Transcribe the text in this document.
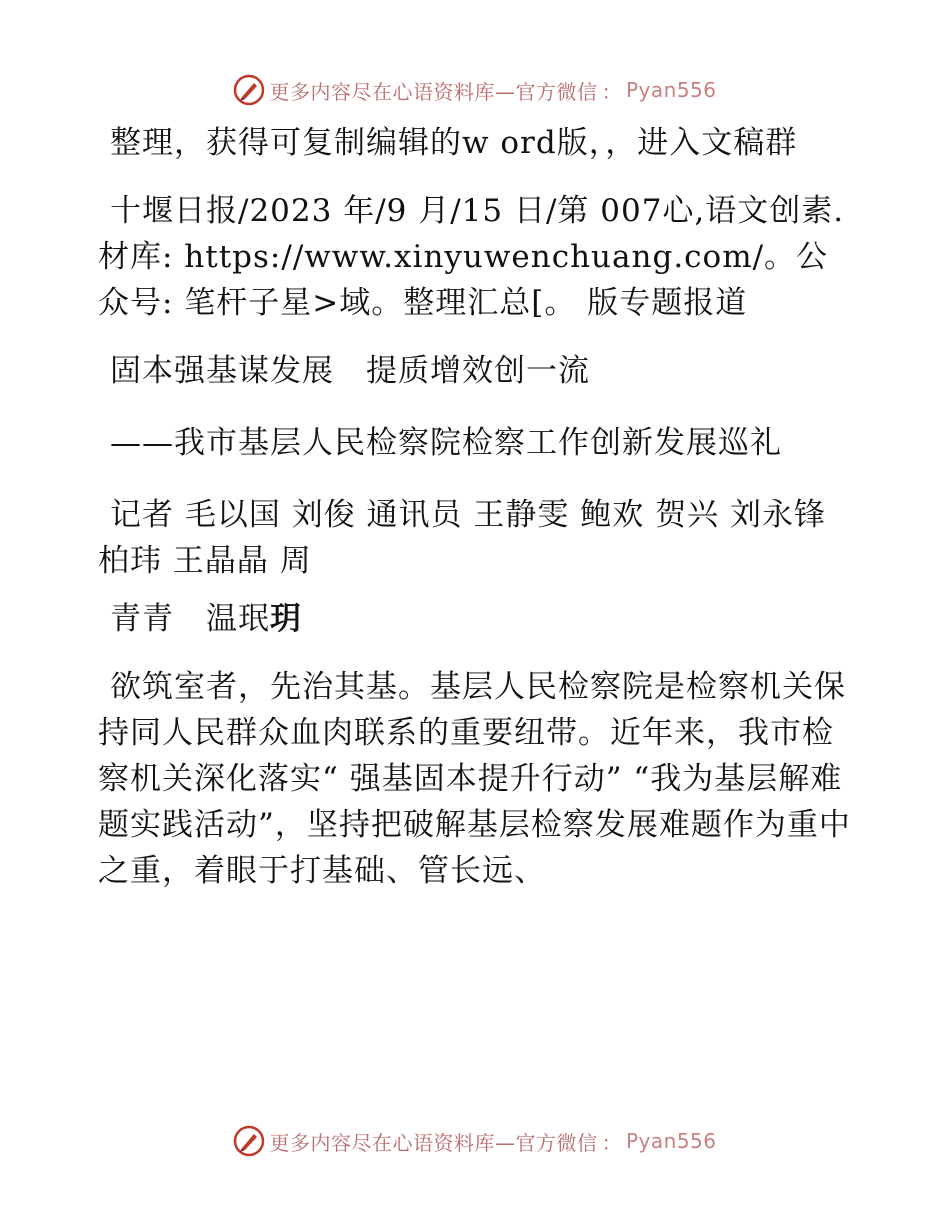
更多内容尽在心语资料库—官方微信 ： Pyan556

整理，获得可复制编辑的w ord版，，进入文稿群

十堰日报/2023 年/9 月/15 日/第 007心,语文创素.材库: https://www.xinyuwenchuang.com/。公众号: 笔杆子星>域。整理汇总[。 版专题报道

固本强基谋发展　提质增效创一流

——我市基层人民检察院检察工作创新发展巡礼

记者 毛以国 刘俊 通讯员 王静雯 鲍欢 贺兴 刘永锋 柏玮 王晶晶 周

青青　温珉玥

欲筑室者，先治其基。基层人民检察院是检察机关保持同人民群众血肉联系的重要纽带。近年来，我市检察机关深化落实“ 强基固本提升行动” “我为基层解难题实践活动”，坚持把破解基层检察发展难题作为重中之重，着眼于打基础、管长远、

更多内容尽在心语资料库—官方微信 ： Pyan556
